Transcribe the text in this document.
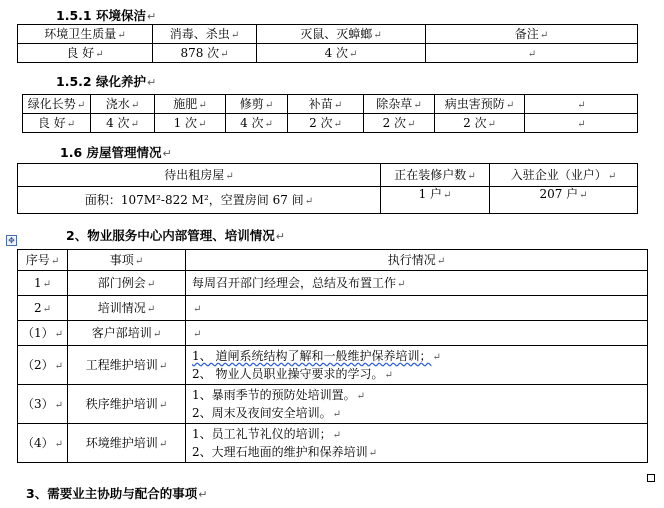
1.5.1 环境保洁↵
环境卫生质量↵	消毒、杀虫↵	灭鼠、灭蟑螂↵	备注↵
良 好↵	878 次↵	4 次↵	↵
1.5.2 绿化养护↵
绿化长势↵	浇水↵	施肥↵	修剪↵	补苗↵	除杂草↵	病虫害预防↵	↵
良 好↵	4 次↵	1 次↵	4 次↵	2 次↵	2 次↵	2 次↵	↵
1.6 房屋管理情况↵
待出租房屋↵	正在装修户数↵	入驻企业（业户）↵
面积：107M²-822 M²，空置房间 67 间↵	1 户↵	207 户↵
✥	2、物业服务中心内部管理、培训情况↵
序号↵	事项↵	执行情况↵
1↵	部门例会↵	每周召开部门经理会，总结及布置工作↵
2↵	培训情况↵	↵
（1）↵	客户部培训↵	↵
（2）↵	工程维护培训↵	1、 道闸系统结构了解和一般维护保养培训；↵
2、 物业人员职业操守要求的学习。↵

（3）↵	秩序维护培训↵	1、暴雨季节的预防处培训置。↵
2、周末及夜间安全培训。↵

（4）↵	环境维护培训↵	1、员工礼节礼仪的培训；↵
2、大理石地面的维护和保养培训↵
3、需要业主协助与配合的事项↵
